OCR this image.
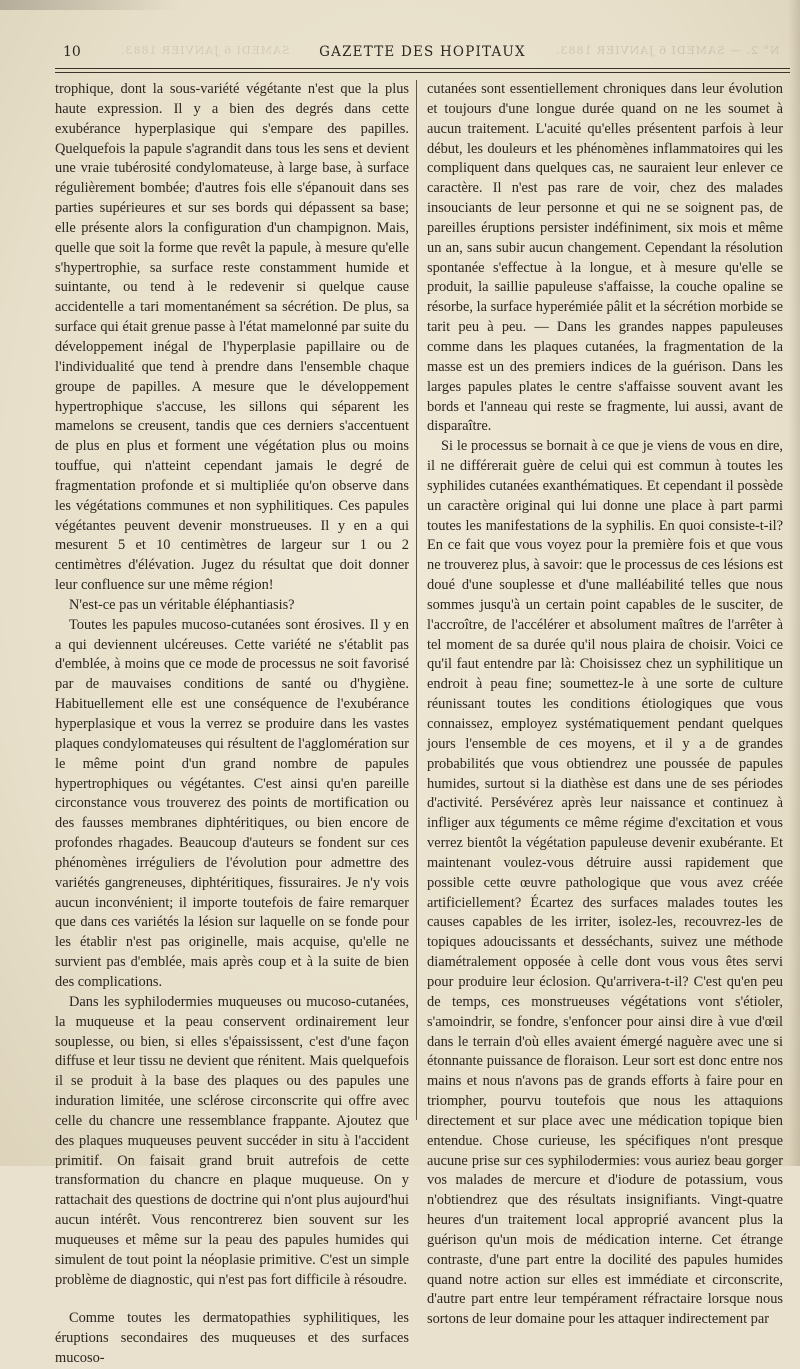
SAMEDI 6 JANVIER 1883.	N° 2. — SAMEDI 6 JANVIER 1883.
10	GAZETTE DES HOPITAUX

trophique, dont la sous-variété végétante n'est que la plus haute expression. Il y a bien des degrés dans cette exubérance hyperplasique qui s'empare des papilles. Quelquefois la papule s'agrandit dans tous les sens et devient une vraie tubérosité condylomateuse, à large base, à surface régulièrement bombée; d'autres fois elle s'épanouit dans ses parties supérieures et sur ses bords qui dépassent sa base; elle présente alors la configuration d'un champignon. Mais, quelle que soit la forme que revêt la papule, à mesure qu'elle s'hypertrophie, sa surface reste constamment humide et suintante, ou tend à le redevenir si quelque cause accidentelle a tari momentanément sa sécrétion. De plus, sa surface qui était grenue passe à l'état mamelonné par suite du développement inégal de l'hyperplasie papillaire ou de l'individualité que tend à prendre dans l'ensemble chaque groupe de papilles. A mesure que le développement hypertrophique s'accuse, les sillons qui séparent les mamelons se creusent, tandis que ces derniers s'accentuent de plus en plus et forment une végétation plus ou moins touffue, qui n'atteint cependant jamais le degré de fragmentation profonde et si multipliée qu'on observe dans les végétations communes et non syphilitiques. Ces papules végétantes peuvent devenir monstrueuses. Il y en a qui mesurent 5 et 10 centimètres de largeur sur 1 ou 2 centimètres d'élévation. Jugez du résultat que doit donner leur confluence sur une même région!

N'est-ce pas un véritable éléphantiasis?

Toutes les papules mucoso-cutanées sont érosives. Il y en a qui deviennent ulcéreuses. Cette variété ne s'établit pas d'emblée, à moins que ce mode de processus ne soit favorisé par de mauvaises conditions de santé ou d'hygiène. Habituellement elle est une conséquence de l'exubérance hyperplasique et vous la verrez se produire dans les vastes plaques condylomateuses qui résultent de l'agglomération sur le même point d'un grand nombre de papules hypertrophiques ou végétantes. C'est ainsi qu'en pareille circonstance vous trouverez des points de mortification ou des fausses membranes diphtéritiques, ou bien encore de profondes rhagades. Beaucoup d'auteurs se fondent sur ces phénomènes irréguliers de l'évolution pour admettre des variétés gangreneuses, diphtéritiques, fissuraires. Je n'y vois aucun inconvénient; il importe toutefois de faire remarquer que dans ces variétés la lésion sur laquelle on se fonde pour les établir n'est pas originelle, mais acquise, qu'elle ne survient pas d'emblée, mais après coup et à la suite de bien des complications.

Dans les syphilodermies muqueuses ou mucoso-cutanées, la muqueuse et la peau conservent ordinairement leur souplesse, ou bien, si elles s'épaississent, c'est d'une façon diffuse et leur tissu ne devient que rénitent. Mais quelquefois il se produit à la base des plaques ou des papules une induration limitée, une sclérose circonscrite qui offre avec celle du chancre une ressemblance frappante. Ajoutez que des plaques muqueuses peuvent succéder in situ à l'accident primitif. On faisait grand bruit autrefois de cette transformation du chancre en plaque muqueuse. On y rattachait des questions de doctrine qui n'ont plus aujourd'hui aucun intérêt. Vous rencontrerez bien souvent sur les muqueuses et même sur la peau des papules humides qui simulent de tout point la néoplasie primitive. C'est un simple problème de diagnostic, qui n'est pas fort difficile à résoudre.

Comme toutes les dermatopathies syphilitiques, les éruptions secondaires des muqueuses et des surfaces mucoso-

cutanées sont essentiellement chroniques dans leur évolution et toujours d'une longue durée quand on ne les soumet à aucun traitement. L'acuité qu'elles présentent parfois à leur début, les douleurs et les phénomènes inflammatoires qui les compliquent dans quelques cas, ne sauraient leur enlever ce caractère. Il n'est pas rare de voir, chez des malades insouciants de leur personne et qui ne se soignent pas, de pareilles éruptions persister indéfiniment, six mois et même un an, sans subir aucun changement. Cependant la résolution spontanée s'effectue à la longue, et à mesure qu'elle se produit, la saillie papuleuse s'affaisse, la couche opaline se résorbe, la surface hyperémiée pâlit et la sécrétion morbide se tarit peu à peu. — Dans les grandes nappes papuleuses comme dans les plaques cutanées, la fragmentation de la masse est un des premiers indices de la guérison. Dans les larges papules plates le centre s'affaisse souvent avant les bords et l'anneau qui reste se fragmente, lui aussi, avant de disparaître.

Si le processus se bornait à ce que je viens de vous en dire, il ne différerait guère de celui qui est commun à toutes les syphilides cutanées exanthématiques. Et cependant il possède un caractère original qui lui donne une place à part parmi toutes les manifestations de la syphilis. En quoi consiste-t-il? En ce fait que vous voyez pour la première fois et que vous ne trouverez plus, à savoir: que le processus de ces lésions est doué d'une souplesse et d'une malléabilité telles que nous sommes jusqu'à un certain point capables de le susciter, de l'accroître, de l'accélérer et absolument maîtres de l'arrêter à tel moment de sa durée qu'il nous plaira de choisir. Voici ce qu'il faut entendre par là: Choisissez chez un syphilitique un endroit à peau fine; soumettez-le à une sorte de culture réunissant toutes les conditions étiologiques que vous connaissez, employez systématiquement pendant quelques jours l'ensemble de ces moyens, et il y a de grandes probabilités que vous obtiendrez une poussée de papules humides, surtout si la diathèse est dans une de ses périodes d'activité. Persévérez après leur naissance et continuez à infliger aux téguments ce même régime d'excitation et vous verrez bientôt la végétation papuleuse devenir exubérante. Et maintenant voulez-vous détruire aussi rapidement que possible cette œuvre pathologique que vous avez créée artificiellement? Écartez des surfaces malades toutes les causes capables de les irriter, isolez-les, recouvrez-les de topiques adoucissants et desséchants, suivez une méthode diamétralement opposée à celle dont vous vous êtes servi pour produire leur éclosion. Qu'arrivera-t-il? C'est qu'en peu de temps, ces monstrueuses végétations vont s'étioler, s'amoindrir, se fondre, s'enfoncer pour ainsi dire à vue d'œil dans le terrain d'où elles avaient émergé naguère avec une si étonnante puissance de floraison. Leur sort est donc entre nos mains et nous n'avons pas de grands efforts à faire pour en triompher, pourvu toutefois que nous les attaquions directement et sur place avec une médication topique bien entendue. Chose curieuse, les spécifiques n'ont presque aucune prise sur ces syphilodermies: vous auriez beau gorger vos malades de mercure et d'iodure de potassium, vous n'obtiendrez que des résultats insignifiants. Vingt-quatre heures d'un traitement local approprié avancent plus la guérison qu'un mois de médication interne. Cet étrange contraste, d'une part entre la docilité des papules humides quand notre action sur elles est immédiate et circonscrite, d'autre part entre leur tempérament réfractaire lorsque nous sortons de leur domaine pour les attaquer indirectement par
